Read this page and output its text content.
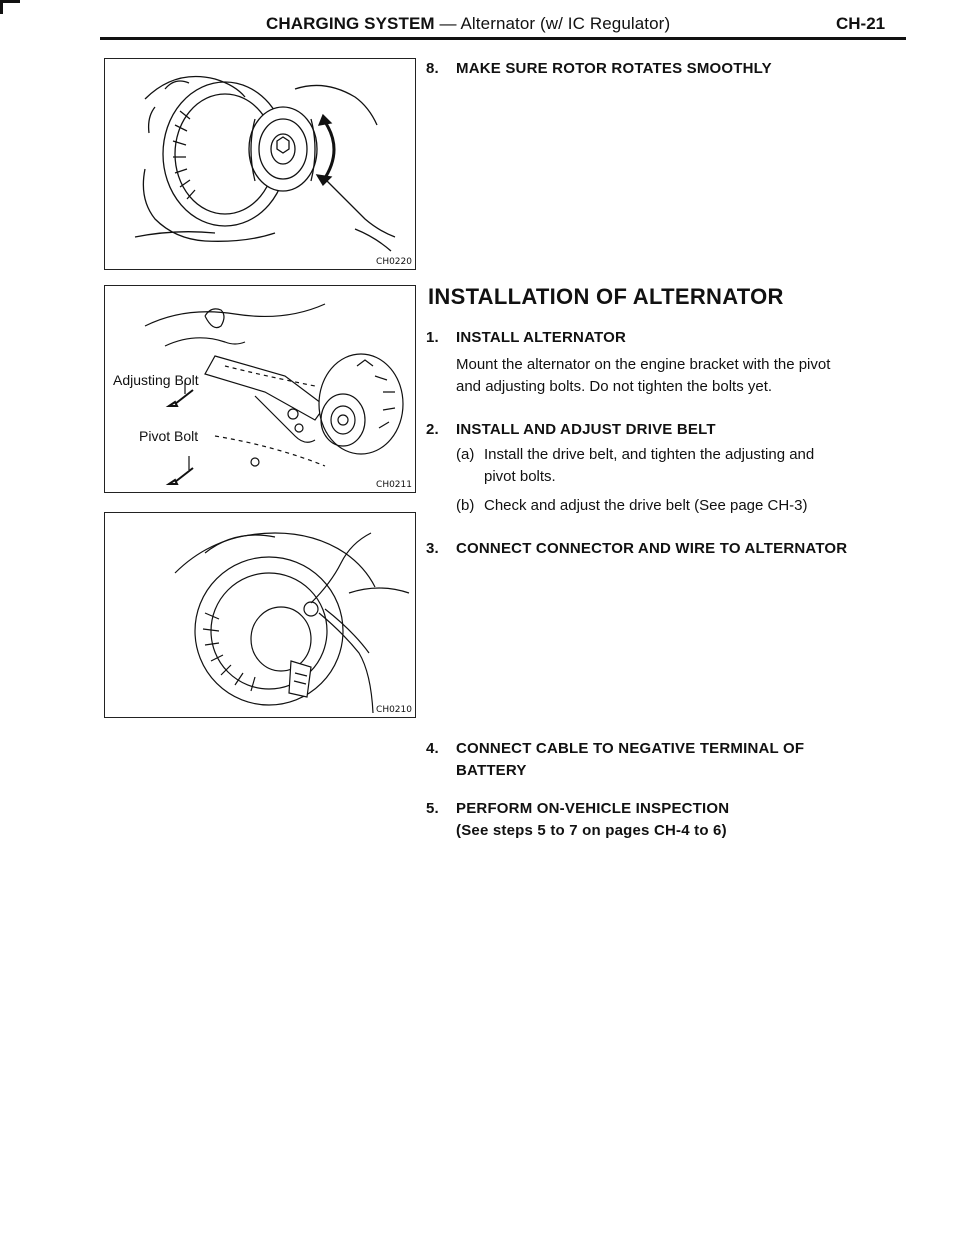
CHARGING SYSTEM — Alternator (w/ IC Regulator)	CH-21
CH0220
Adjusting Bolt
Pivot Bolt
CH0211
CH0210
8. MAKE SURE ROTOR ROTATES SMOOTHLY
INSTALLATION OF ALTERNATOR
1. INSTALL ALTERNATOR
Mount the alternator on the engine bracket with the pivot
and adjusting bolts. Do not tighten the bolts yet.
2. INSTALL AND ADJUST DRIVE BELT
(a) Install the drive belt, and tighten the adjusting and
pivot bolts.
(b) Check and adjust the drive belt (See page CH-3)
3. CONNECT CONNECTOR AND WIRE TO ALTERNATOR
4. CONNECT CABLE TO NEGATIVE TERMINAL OF
BATTERY
5. PERFORM ON-VEHICLE INSPECTION
(See steps 5 to 7 on pages CH-4 to 6)
